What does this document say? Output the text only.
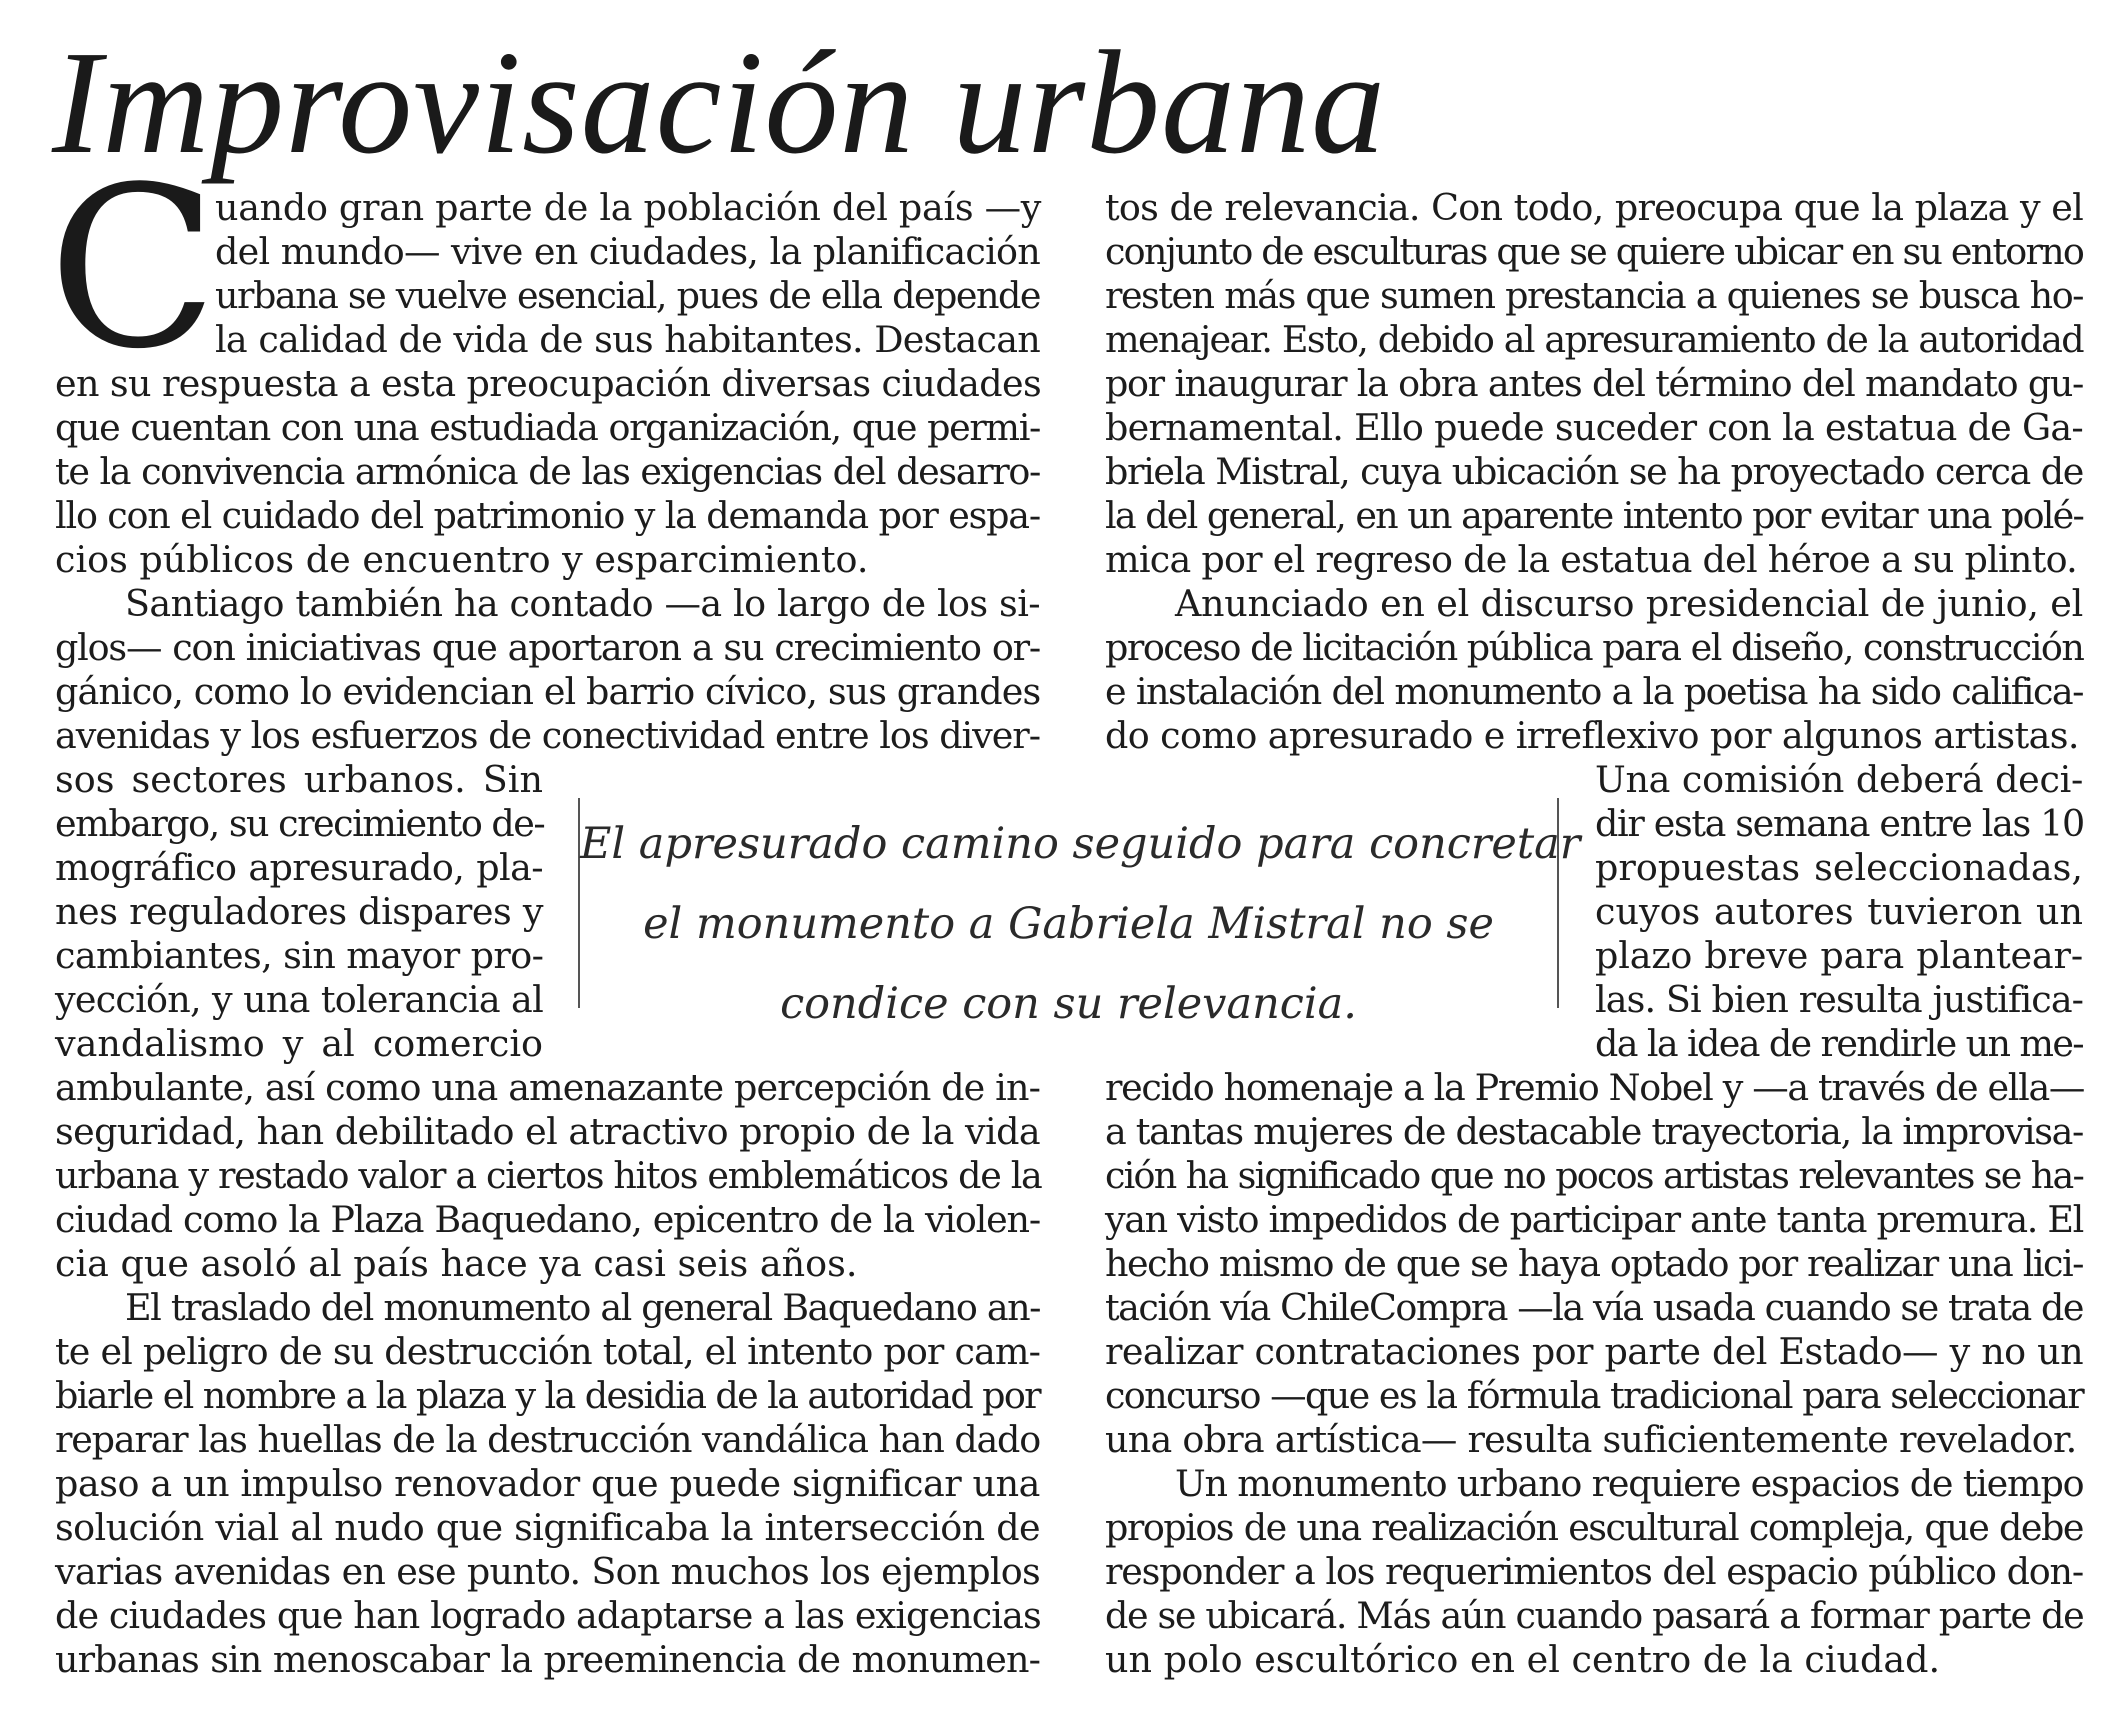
Improvisación urbana
C
uando gran parte de la población del país —y
del mundo— vive en ciudades, la planificación
urbana se vuelve esencial, pues de ella depende
la calidad de vida de sus habitantes. Destacan
en su respuesta a esta preocupación diversas ciudades
que cuentan con una estudiada organización, que permi-
te la convivencia armónica de las exigencias del desarro-
llo con el cuidado del patrimonio y la demanda por espa-
cios públicos de encuentro y esparcimiento.
Santiago también ha contado —a lo largo de los si-
glos— con iniciativas que aportaron a su crecimiento or-
gánico, como lo evidencian el barrio cívico, sus grandes
avenidas y los esfuerzos de conectividad entre los diver-
sos sectores urbanos. Sin
embargo, su crecimiento de-
mográfico apresurado, pla-
nes reguladores dispares y
cambiantes, sin mayor pro-
yección, y una tolerancia al
vandalismo y al comercio
ambulante, así como una amenazante percepción de in-
seguridad, han debilitado el atractivo propio de la vida
urbana y restado valor a ciertos hitos emblemáticos de la
ciudad como la Plaza Baquedano, epicentro de la violen-
cia que asoló al país hace ya casi seis años.
El traslado del monumento al general Baquedano an-
te el peligro de su destrucción total, el intento por cam-
biarle el nombre a la plaza y la desidia de la autoridad por
reparar las huellas de la destrucción vandálica han dado
paso a un impulso renovador que puede significar una
solución vial al nudo que significaba la intersección de
varias avenidas en ese punto. Son muchos los ejemplos
de ciudades que han logrado adaptarse a las exigencias
urbanas sin menoscabar la preeminencia de monumen-
tos de relevancia. Con todo, preocupa que la plaza y el
conjunto de esculturas que se quiere ubicar en su entorno
resten más que sumen prestancia a quienes se busca ho-
menajear. Esto, debido al apresuramiento de la autoridad
por inaugurar la obra antes del término del mandato gu-
bernamental. Ello puede suceder con la estatua de Ga-
briela Mistral, cuya ubicación se ha proyectado cerca de
la del general, en un aparente intento por evitar una polé-
mica por el regreso de la estatua del héroe a su plinto.
Anunciado en el discurso presidencial de junio, el
proceso de licitación pública para el diseño, construcción
e instalación del monumento a la poetisa ha sido califica-
do como apresurado e irreflexivo por algunos artistas.
Una comisión deberá deci-
dir esta semana entre las 10
propuestas seleccionadas,
cuyos autores tuvieron un
plazo breve para plantear-
las. Si bien resulta justifica-
da la idea de rendirle un me-
recido homenaje a la Premio Nobel y —a través de ella—
a tantas mujeres de destacable trayectoria, la improvisa-
ción ha significado que no pocos artistas relevantes se ha-
yan visto impedidos de participar ante tanta premura. El
hecho mismo de que se haya optado por realizar una lici-
tación vía ChileCompra —la vía usada cuando se trata de
realizar contrataciones por parte del Estado— y no un
concurso —que es la fórmula tradicional para seleccionar
una obra artística— resulta suficientemente revelador.
Un monumento urbano requiere espacios de tiempo
propios de una realización escultural compleja, que debe
responder a los requerimientos del espacio público don-
de se ubicará. Más aún cuando pasará a formar parte de
un polo escultórico en el centro de la ciudad.
El apresurado camino seguido para concretar
el monumento a Gabriela Mistral no se
condice con su relevancia.
